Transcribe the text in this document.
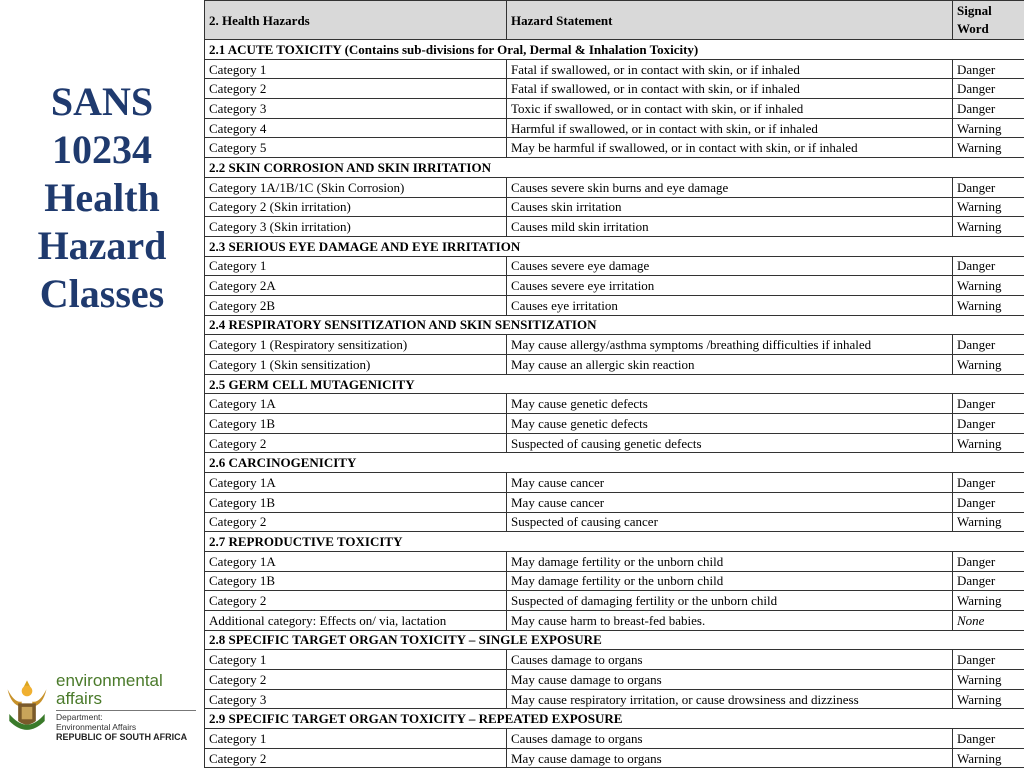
SANS
10234
Health
Hazard
Classes
2. Health Hazards	Hazard Statement	Signal Word
2.1 ACUTE TOXICITY (Contains sub-divisions for Oral, Dermal & Inhalation Toxicity)		
Category 1	Fatal if swallowed, or in contact with skin, or if inhaled	Danger
Category 2	Fatal if swallowed, or in contact with skin, or if inhaled	Danger
Category 3	Toxic if swallowed, or in contact with skin, or if inhaled	Danger
Category 4	Harmful if swallowed, or in contact with skin, or if inhaled	Warning
Category 5	May be harmful if swallowed, or in contact with skin, or if inhaled	Warning
2.2 SKIN CORROSION AND SKIN IRRITATION		
Category 1A/1B/1C (Skin Corrosion)	Causes severe skin burns and eye damage	Danger
Category 2 (Skin irritation)	Causes skin irritation	Warning
Category 3 (Skin irritation)	Causes mild skin irritation	Warning
2.3 SERIOUS EYE DAMAGE AND EYE IRRITATION		
Category 1	Causes severe eye damage	Danger
Category 2A	Causes severe eye irritation	Warning
Category 2B	Causes eye irritation	Warning
2.4 RESPIRATORY SENSITIZATION AND SKIN SENSITIZATION		
Category 1 (Respiratory sensitization)	May cause allergy/asthma symptoms /breathing difficulties if inhaled	Danger
Category 1 (Skin sensitization)	May cause an allergic skin reaction	Warning
2.5 GERM CELL MUTAGENICITY		
Category 1A	May cause genetic defects	Danger
Category 1B	May cause genetic defects	Danger
Category 2	Suspected of causing genetic defects	Warning
2.6 CARCINOGENICITY		
Category 1A	May cause cancer	Danger
Category 1B	May cause cancer	Danger
Category 2	Suspected of causing cancer	Warning
2.7 REPRODUCTIVE TOXICITY		
Category 1A	May damage fertility or the unborn child	Danger
Category 1B	May damage fertility or the unborn child	Danger
Category 2	Suspected of damaging fertility or the unborn child	Warning
Additional category: Effects on/ via, lactation	May cause harm to breast-fed babies.	None
2.8 SPECIFIC TARGET ORGAN TOXICITY – SINGLE EXPOSURE		
Category 1	Causes damage to organs	Danger
Category 2	May cause damage to organs	Warning
Category 3	May cause respiratory irritation, or cause drowsiness and dizziness	Warning
2.9 SPECIFIC TARGET ORGAN TOXICITY – REPEATED EXPOSURE		
Category 1	Causes damage to organs	Danger
Category 2	May cause damage to organs	Warning
environmental affairs
Department:
Environmental Affairs
REPUBLIC OF SOUTH AFRICA
